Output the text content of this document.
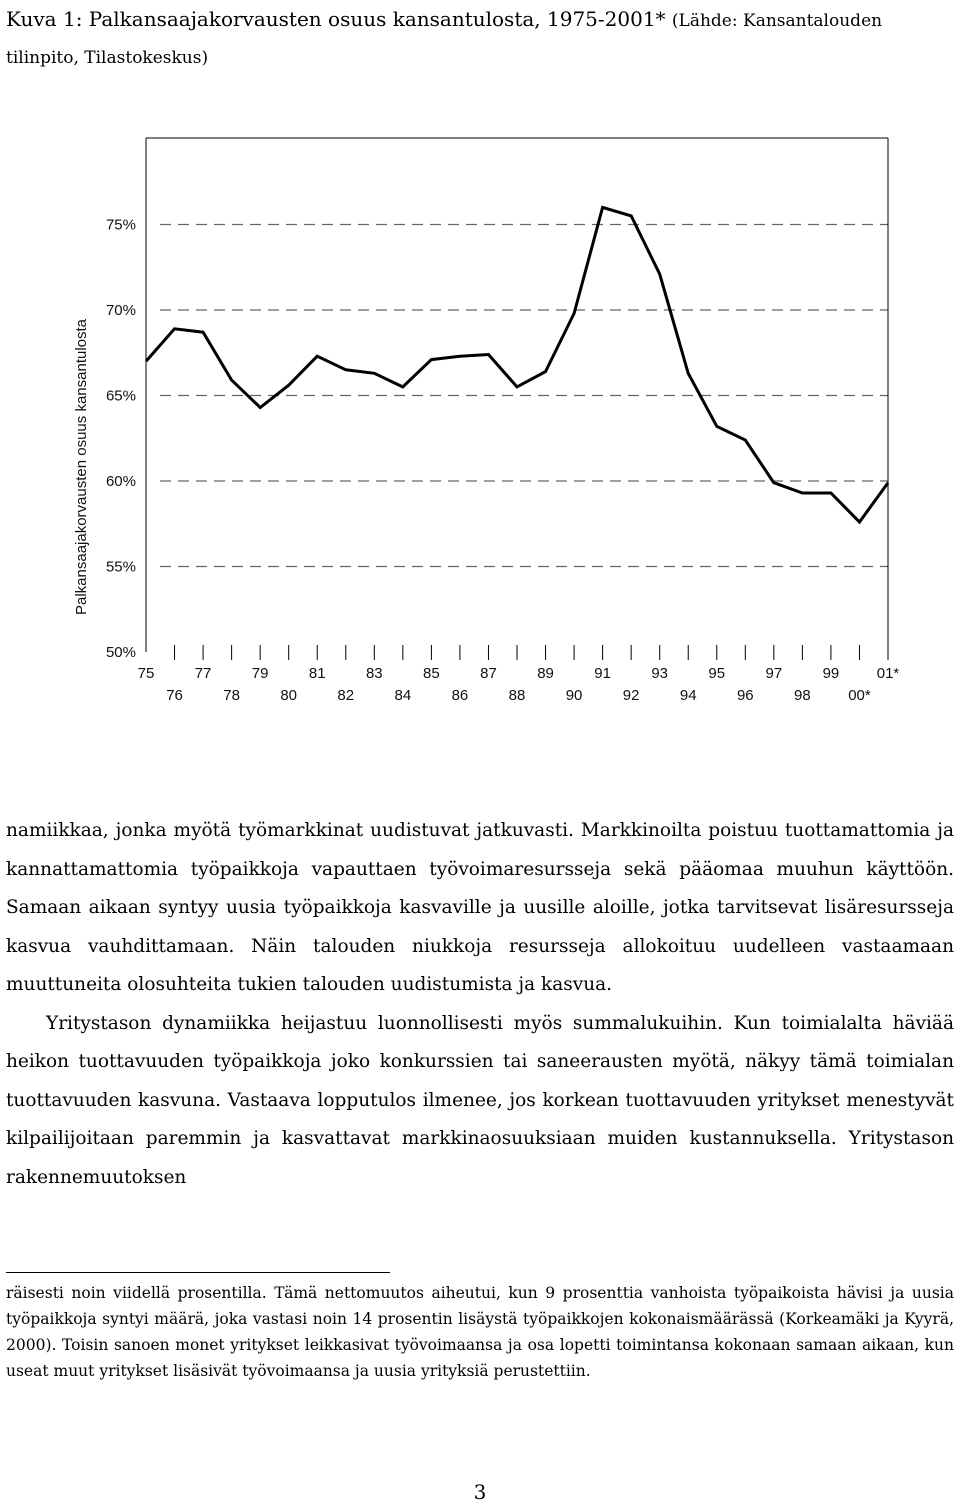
Kuva 1: Palkansaajakorvausten osuus kansantulosta, 1975-2001* (Lähde: Kansantalouden tilinpito, Tilastokeskus)

50%
55%
60%
65%
70%
75%
75
76
77
78
79
80
81
82
83
84
85
86
87
88
89
90
91
92
93
94
95
96
97
98
99
00*
01*
Palkansaajakorvausten osuus kansantulosta

namiikkaa, jonka myötä työmarkkinat uudistuvat jatkuvasti. Markkinoilta poistuu tuottamattomia ja kannattamattomia työpaikkoja vapauttaen työvoimaresursseja sekä pääomaa muuhun käyttöön. Samaan aikaan syntyy uusia työpaikkoja kasvaville ja uusille aloille, jotka tarvitsevat lisäresursseja kasvua vauhdittamaan. Näin talouden niukkoja resursseja allokoituu uudelleen vastaamaan muuttuneita olosuhteita tukien talouden uudistumista ja kasvua.

Yritystason dynamiikka heijastuu luonnollisesti myös summalukuihin. Kun toimialalta häviää heikon tuottavuuden työpaikkoja joko konkurssien tai saneerausten myötä, näkyy tämä toimialan tuottavuuden kasvuna. Vastaava lopputulos ilmenee, jos korkean tuottavuuden yritykset menestyvät kilpailijoitaan paremmin ja kasvattavat markkinaosuuksiaan muiden kustannuksella. Yritystason rakennemuutoksen

räisesti noin viidellä prosentilla. Tämä nettomuutos aiheutui, kun 9 prosenttia vanhoista työpaikoista hävisi ja uusia työpaikkoja syntyi määrä, joka vastasi noin 14 prosentin lisäystä työpaikkojen kokonaismäärässä (Korkeamäki ja Kyyrä, 2000). Toisin sanoen monet yritykset leikkasivat työvoimaansa ja osa lopetti toimintansa kokonaan samaan aikaan, kun useat muut yritykset lisäsivät työvoimaansa ja uusia yrityksiä perustettiin.

3
